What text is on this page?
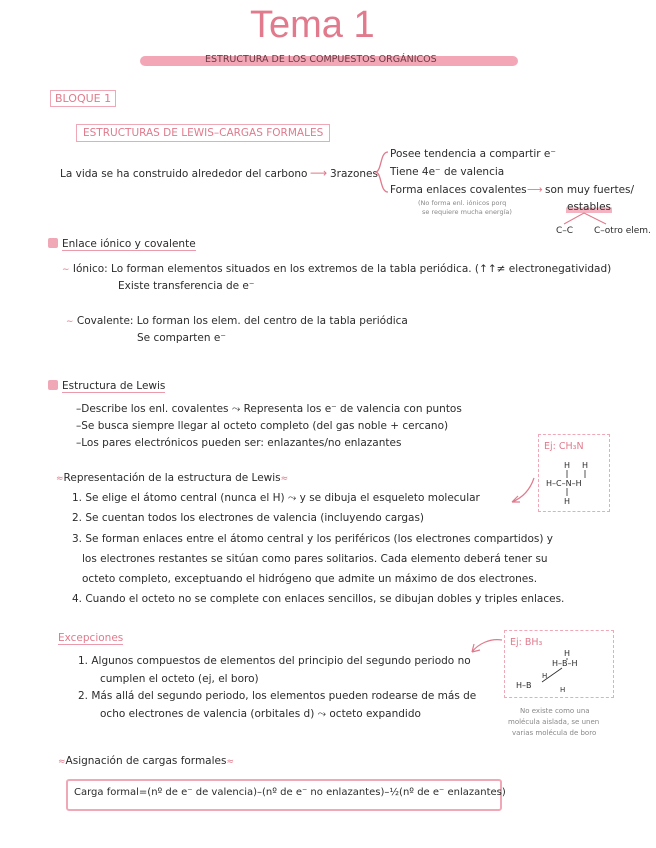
Tema 1
ESTRUCTURA DE LOS COMPUESTOS ORGÁNICOS
BLOQUE 1
ESTRUCTURAS DE LEWIS–CARGAS FORMALES
La vida se ha construido alrededor del carbono ⟶ 3razones
Posee tendencia a compartir e⁻
Tiene 4e⁻ de valencia
Forma enlaces covalentes ⟶ son muy fuertes/
(No forma enl. iónicos porq
se requiere mucha energía)	estables
C–C C–otro elem.
Enlace iónico y covalente
∼ Iónico: Lo forman elementos situados en los extremos de la tabla periódica. (↑↑≠ electronegatividad)
Existe transferencia de e⁻
∼ Covalente: Lo forman los elem. del centro de la tabla periódica
Se comparten e⁻
Estructura de Lewis
–Describe los enl. covalentes ⤳ Representa los e⁻ de valencia con puntos
–Se busca siempre llegar al octeto completo (del gas noble + cercano)
–Los pares electrónicos pueden ser: enlazantes/no enlazantes	Ej: CH₃N
H H
H–C–N–H
H
≈Representación de la estructura de Lewis≈
1. Se elige el átomo central (nunca el H) ⤳ y se dibuja el esqueleto molecular
2. Se cuentan todos los electrones de valencia (incluyendo cargas)
3. Se forman enlaces entre el átomo central y los periféricos (los electrones compartidos) y
los electrones restantes se sitúan como pares solitarios. Cada elemento deberá tener su
octeto completo, exceptuando el hidrógeno que admite un máximo de dos electrones.
4. Cuando el octeto no se complete con enlaces sencillos, se dibujan dobles y triples enlaces.
Excepciones
1. Algunos compuestos de elementos del principio del segundo periodo no
cumplen el octeto (ej, el boro)
2. Más allá del segundo periodo, los elementos pueden rodearse de más de
ocho electrones de valencia (orbitales d) ⤳ octeto expandido
Ej: BH₃
H
H–B–H
H–B
H
H
No existe como una
molécula aislada, se unen
varias molécula de boro
≈Asignación de cargas formales≈
Carga formal=(nº de e⁻ de valencia)–(nº de e⁻ no enlazantes)–½(nº de e⁻ enlazantes)
